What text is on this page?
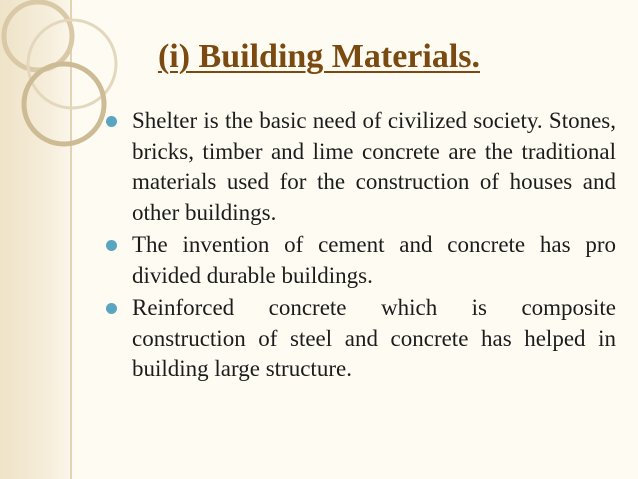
(i) Building Materials.
Shelter is the basic need of civilized society. Stones, bricks, timber and lime concrete are the traditional materials used for the construction of houses and other buildings.
The invention of cement and concrete has pro divided durable buildings.
Reinforced concrete which is composite construction of steel and concrete has helped in building large structure.
